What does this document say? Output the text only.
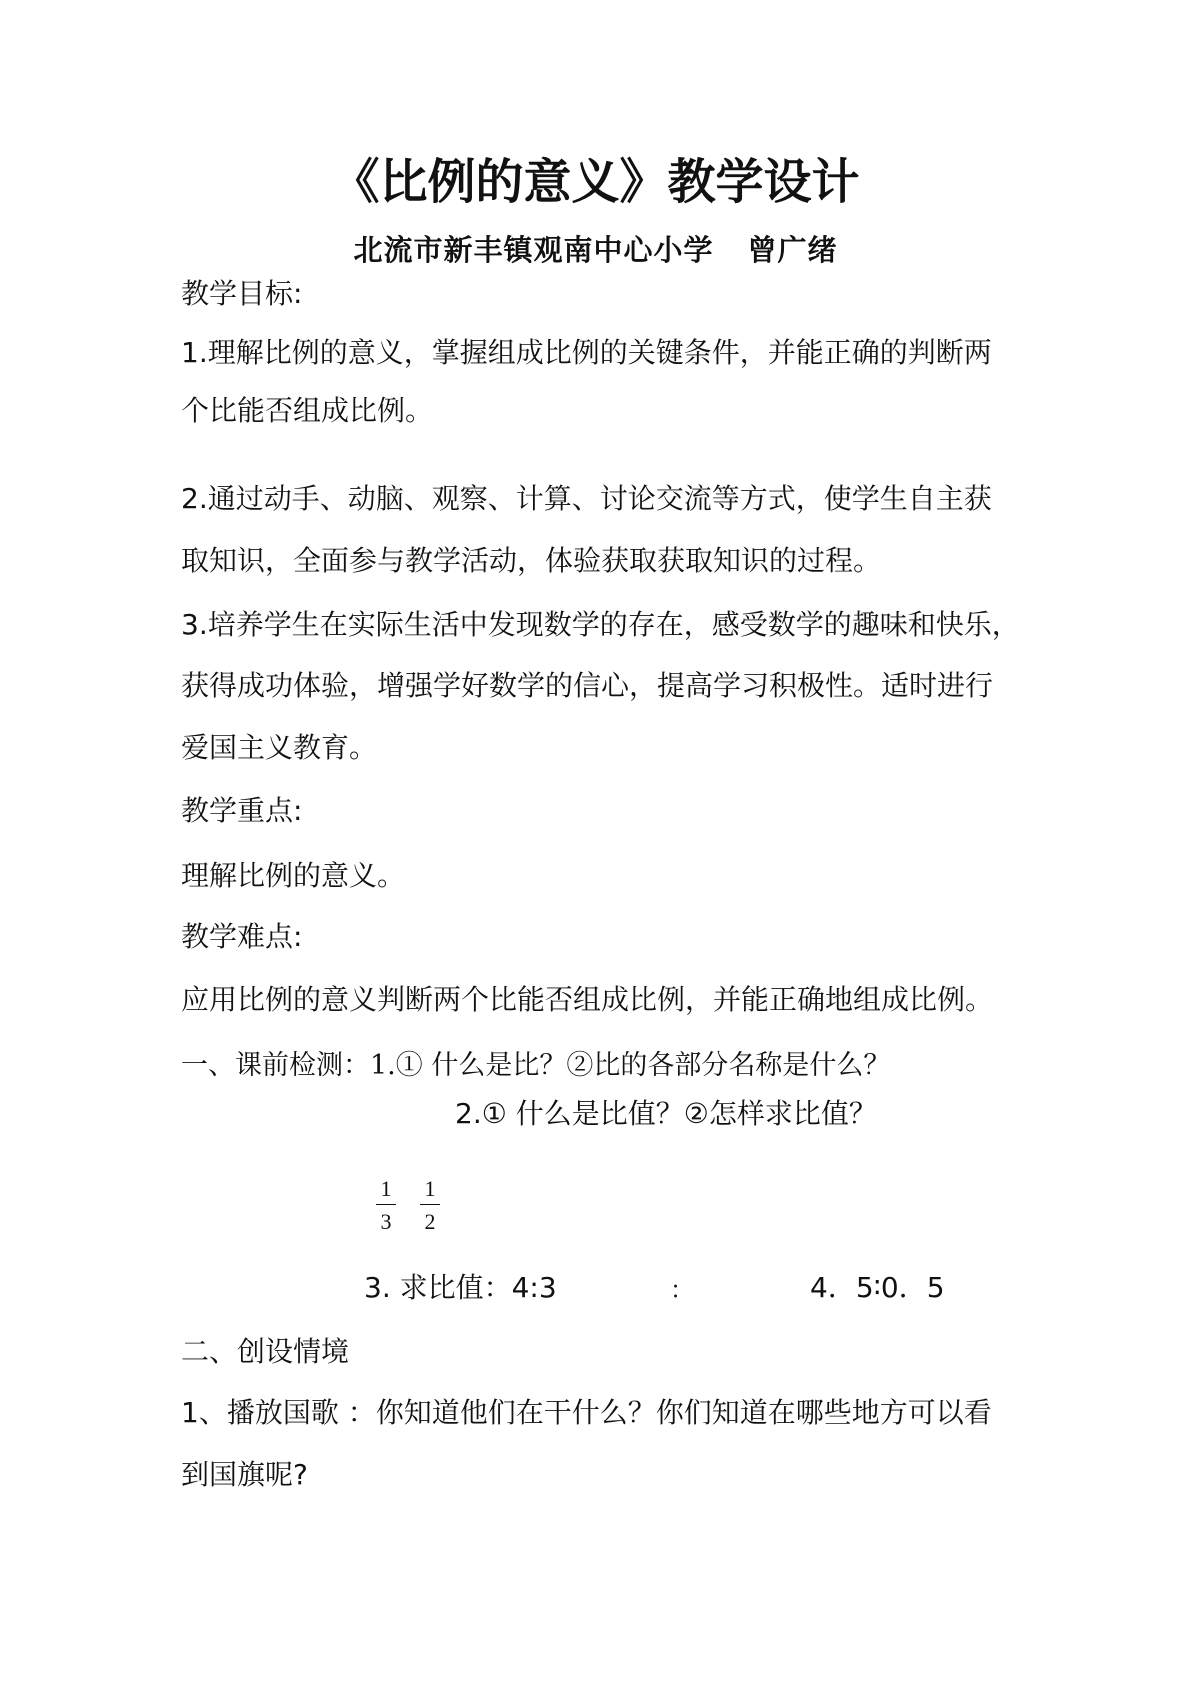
《比例的意义》教学设计
北流市新丰镇观南中心小学 曾广绪
教学目标:
1.理解比例的意义，掌握组成比例的关键条件，并能正确的判断两
个比能否组成比例。
2.通过动手、动脑、观察、计算、讨论交流等方式，使学生自主获
取知识，全面参与教学活动，体验获取获取知识的过程。
3.培养学生在实际生活中发现数学的存在，感受数学的趣味和快乐，
获得成功体验，增强学好数学的信心，提高学习积极性。适时进行
爱国主义教育。
教学重点:
理解比例的意义。
教学难点:
应用比例的意义判断两个比能否组成比例，并能正确地组成比例。
一、课前检测：1.① 什么是比？②比的各部分名称是什么？
2.① 什么是比值？②怎样求比值？
1
3
1
2
3. 求比值：4:3	：	4．5∶0．5
二、创设情境
1、播放国歌 ：你知道他们在干什么？你们知道在哪些地方可以看
到国旗呢?
